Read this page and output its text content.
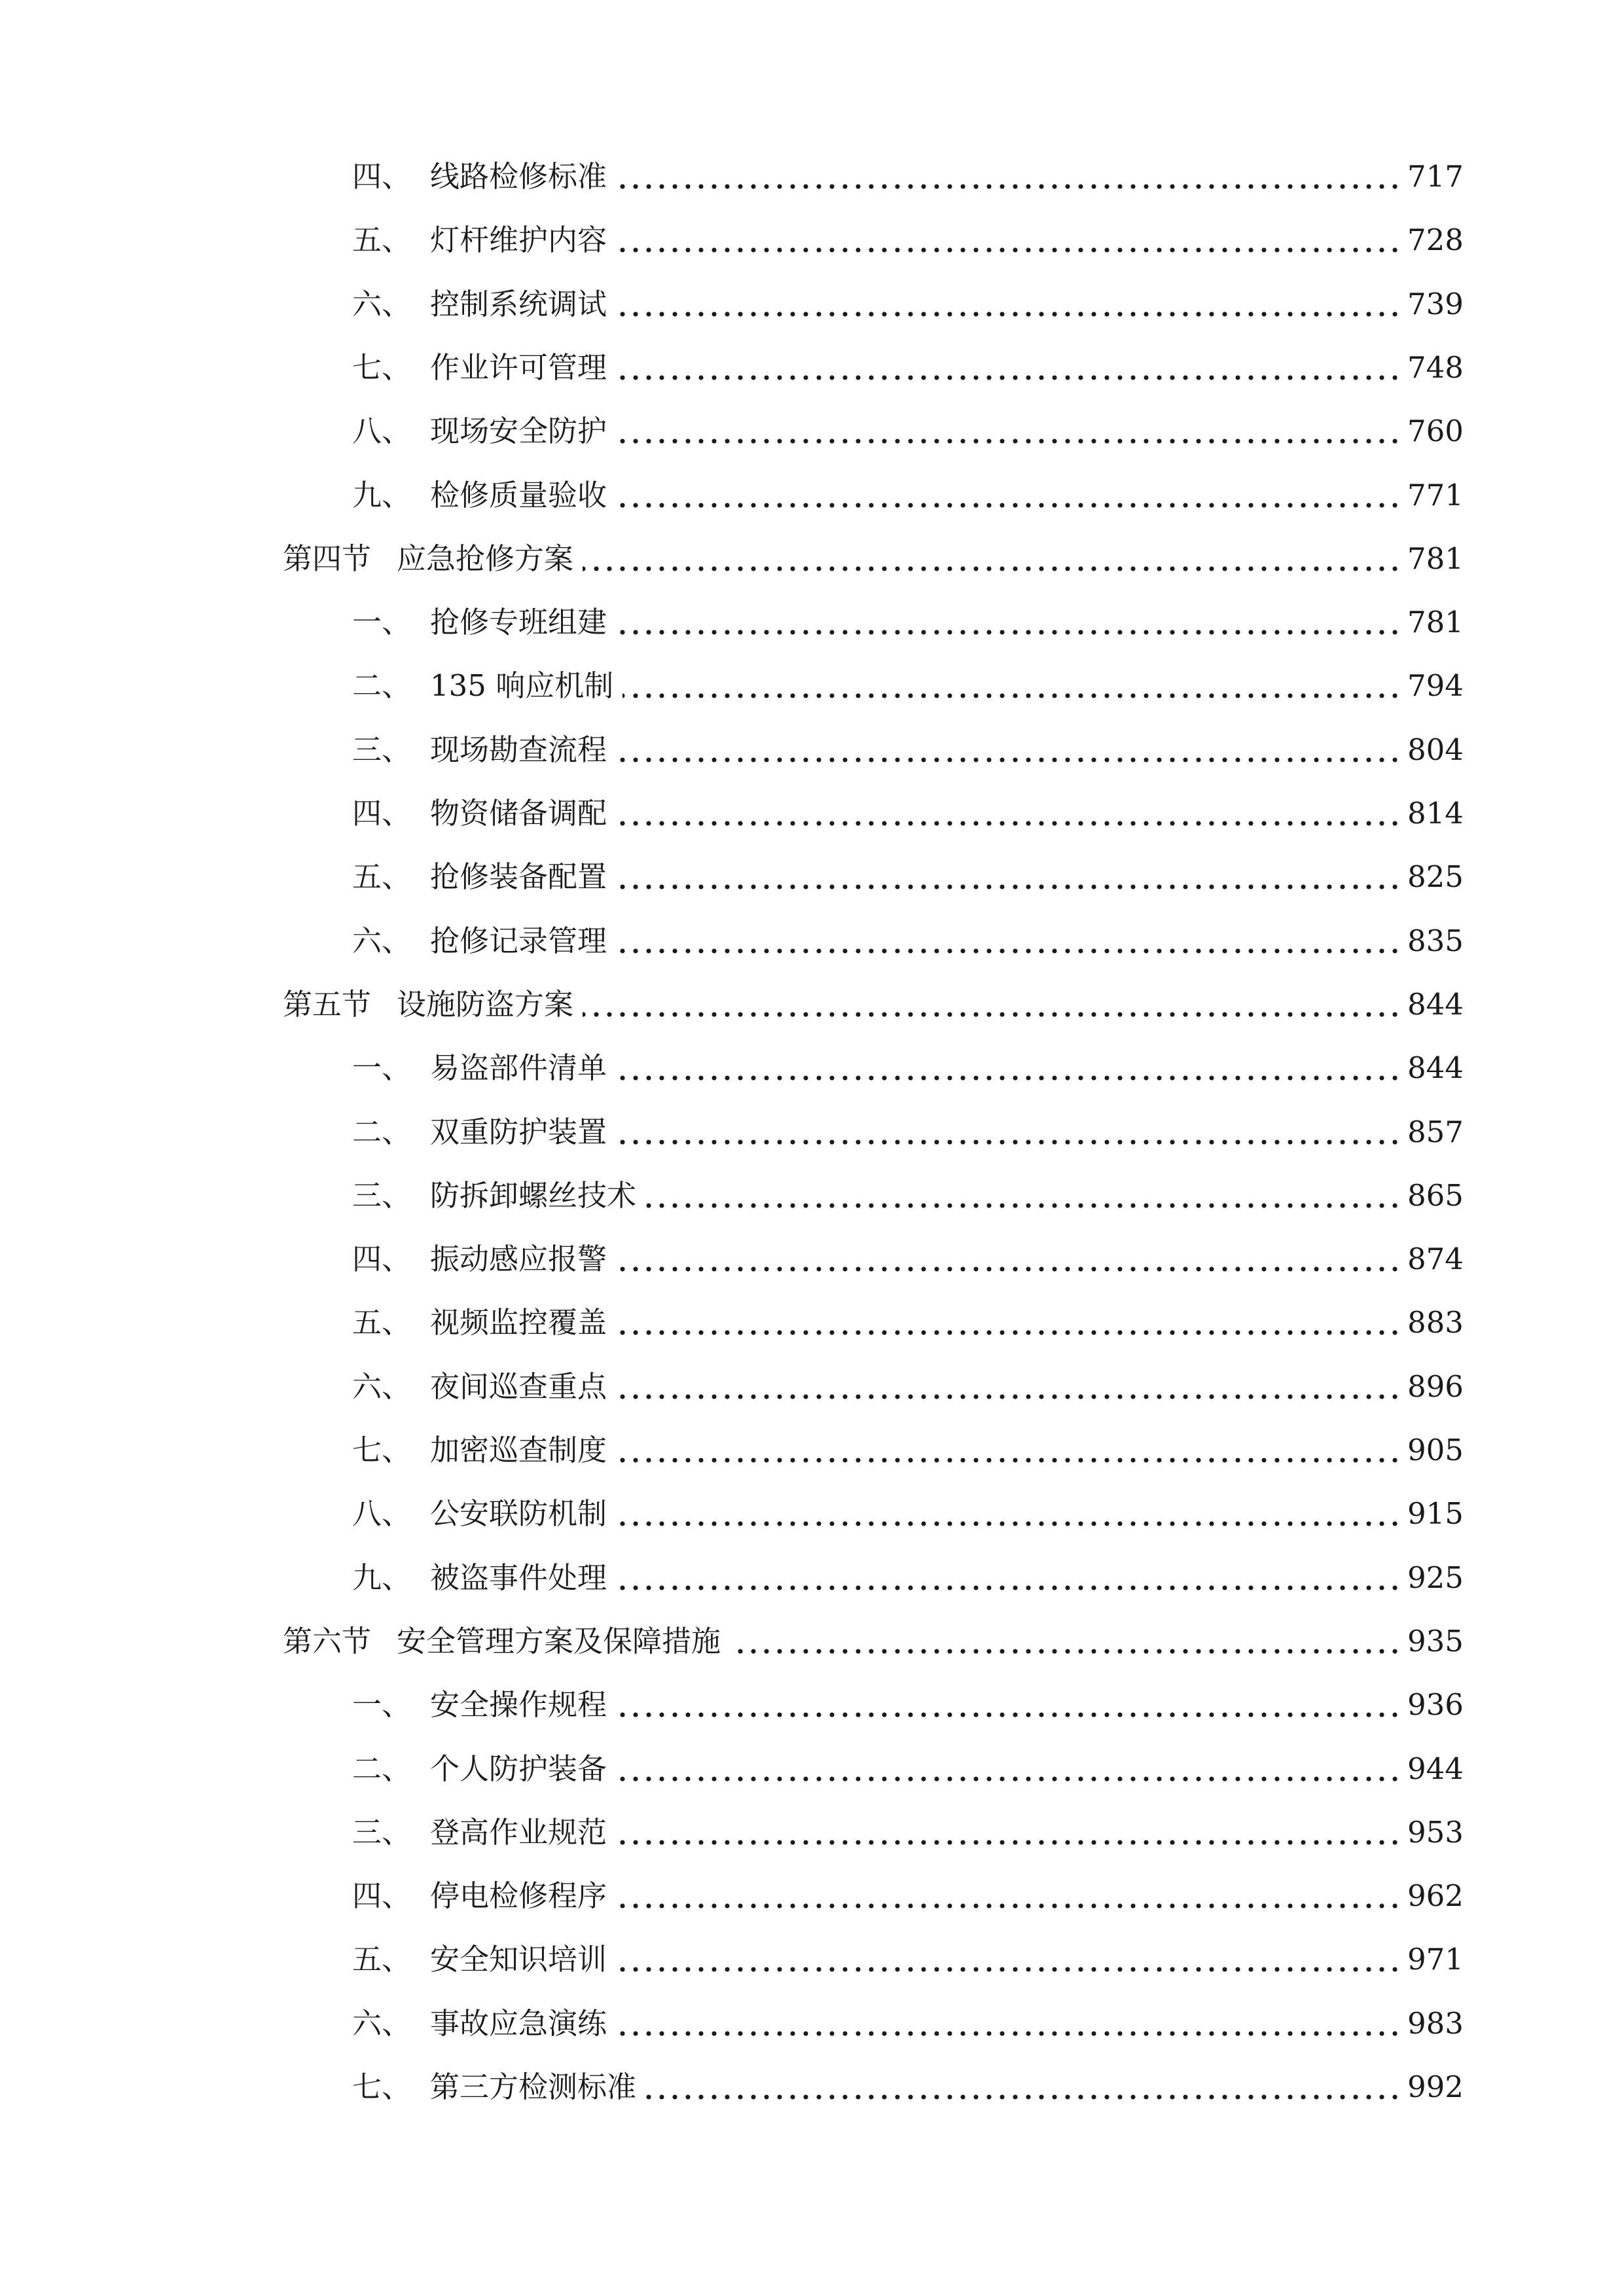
四、 线路检修标准	717
五、 灯杆维护内容	728
六、 控制系统调试	739
七、 作业许可管理	748
八、 现场安全防护	760
九、 检修质量验收	771
第四节 应急抢修方案	781
一、 抢修专班组建	781
二、 135 响应机制	794
三、 现场勘查流程	804
四、 物资储备调配	814
五、 抢修装备配置	825
六、 抢修记录管理	835
第五节 设施防盗方案	844
一、 易盗部件清单	844
二、 双重防护装置	857
三、 防拆卸螺丝技术	865
四、 振动感应报警	874
五、 视频监控覆盖	883
六、 夜间巡查重点	896
七、 加密巡查制度	905
八、 公安联防机制	915
九、 被盗事件处理	925
第六节 安全管理方案及保障措施	935
一、 安全操作规程	936
二、 个人防护装备	944
三、 登高作业规范	953
四、 停电检修程序	962
五、 安全知识培训	971
六、 事故应急演练	983
七、 第三方检测标准	992
